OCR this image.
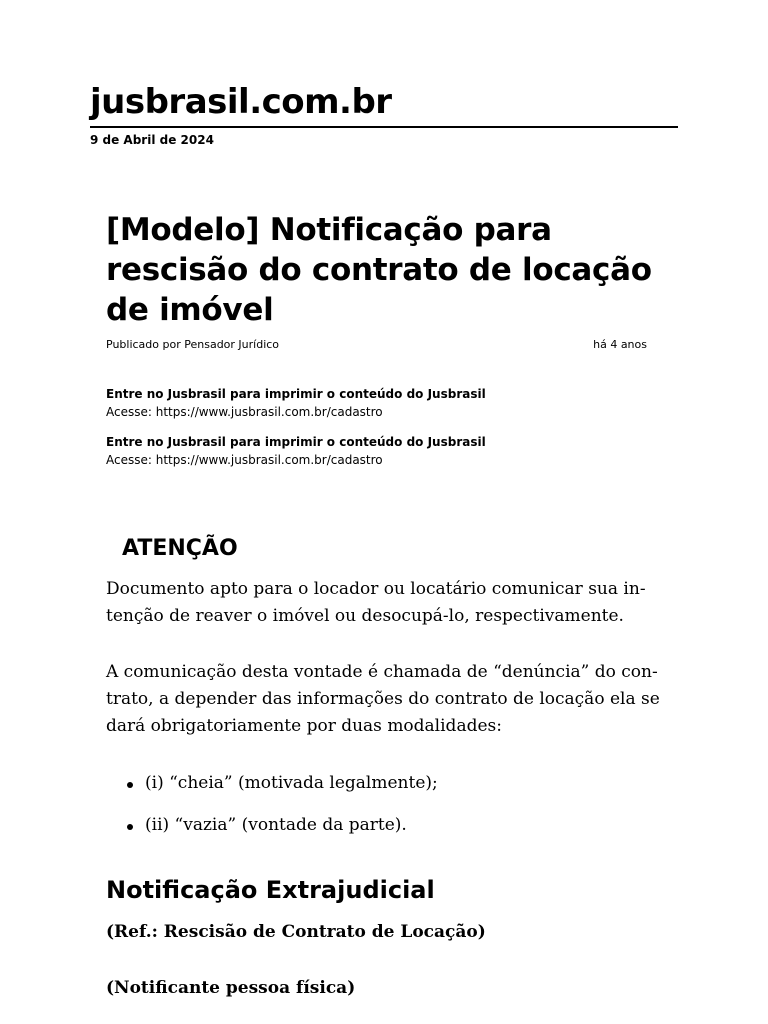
jusbrasil.com.br
9 de Abril de 2024
[Modelo] Notificação para rescisão do contrato de locação de imóvel
Publicado por Pensador Jurídico	há 4 anos
Entre no Jusbrasil para imprimir o conteúdo do Jusbrasil
Acesse: https://www.jusbrasil.com.br/cadastro
Entre no Jusbrasil para imprimir o conteúdo do Jusbrasil
Acesse: https://www.jusbrasil.com.br/cadastro
ATENÇÃO

Documento apto para o locador ou locatário comunicar sua intenção de reaver o imóvel ou desocupá-lo, respectivamente.

A comunicação desta vontade é chamada de “denúncia” do contrato, a depender das informações do contrato de locação ela se dará obrigatoriamente por duas modalidades:

(i) “cheia” (motivada legalmente);
(ii) “vazia” (vontade da parte).
Notificação Extrajudicial

(Ref.: Rescisão de Contrato de Locação)

(Notificante pessoa física)
